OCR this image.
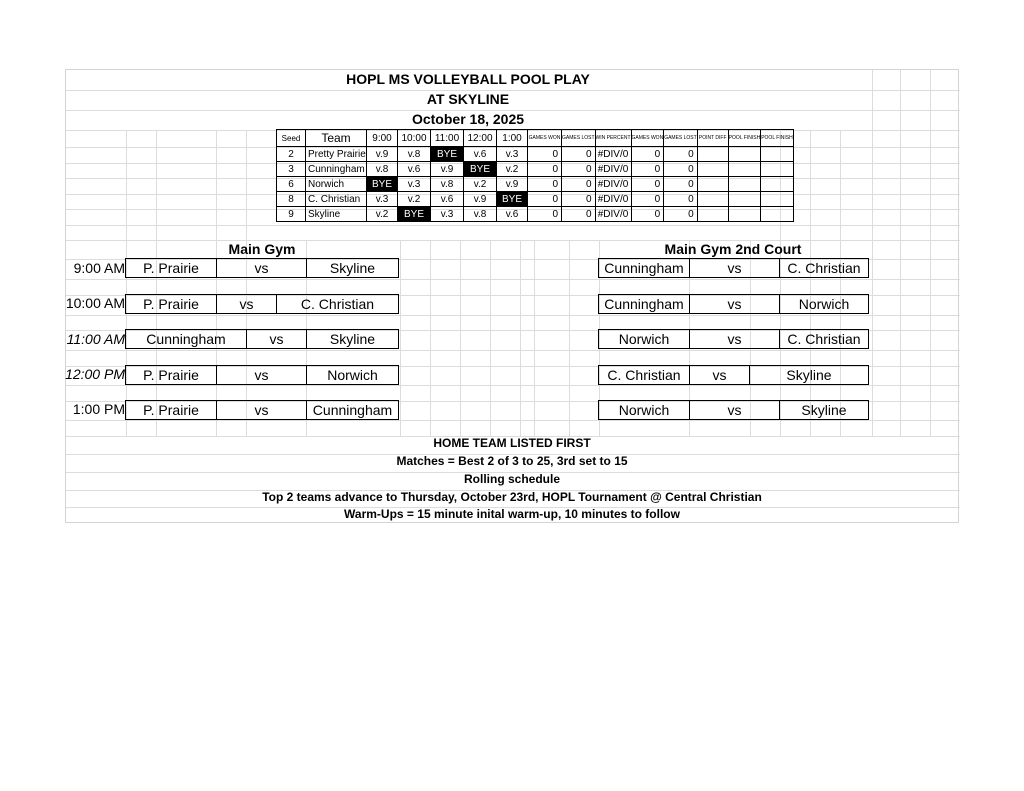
HOPL MS VOLLEYBALL POOL PLAY
AT SKYLINE
October 18, 2025
Seed	Team	9:00	10:00	11:00	12:00	1:00	GAMES WON	GAMES LOST	WIN PERCENT	GAMES WON	GAMES LOST	POINT DIFF	POOL FINISH	POOL FINISH
2	Pretty Prairie	v.9	v.8	BYE	v.6	v.3	0	0	#DIV/0	0	0			
3	Cunningham	v.8	v.6	v.9	BYE	v.2	0	0	#DIV/0	0	0			
6	Norwich	BYE	v.3	v.8	v.2	v.9	0	0	#DIV/0	0	0			
8	C. Christian	v.3	v.2	v.6	v.9	BYE	0	0	#DIV/0	0	0			
9	Skyline	v.2	BYE	v.3	v.8	v.6	0	0	#DIV/0	0	0			
Main Gym	Main Gym 2nd Court
9:00 AM	P. Prairie	vs	Skyline	Cunningham	vs	C. Christian
10:00 AM	P. Prairie	vs	C. Christian	Cunningham	vs	Norwich
11:00 AM	Cunningham	vs	Skyline	Norwich	vs	C. Christian
12:00 PM	P. Prairie	vs	Norwich	C. Christian	vs	Skyline
1:00 PM	P. Prairie	vs	Cunningham	Norwich	vs	Skyline
HOME TEAM LISTED FIRST
Matches = Best 2 of 3 to 25, 3rd set to 15
Rolling schedule
Top 2 teams advance to Thursday, October 23rd, HOPL Tournament @ Central Christian
Warm-Ups = 15 minute inital warm-up, 10 minutes to follow
